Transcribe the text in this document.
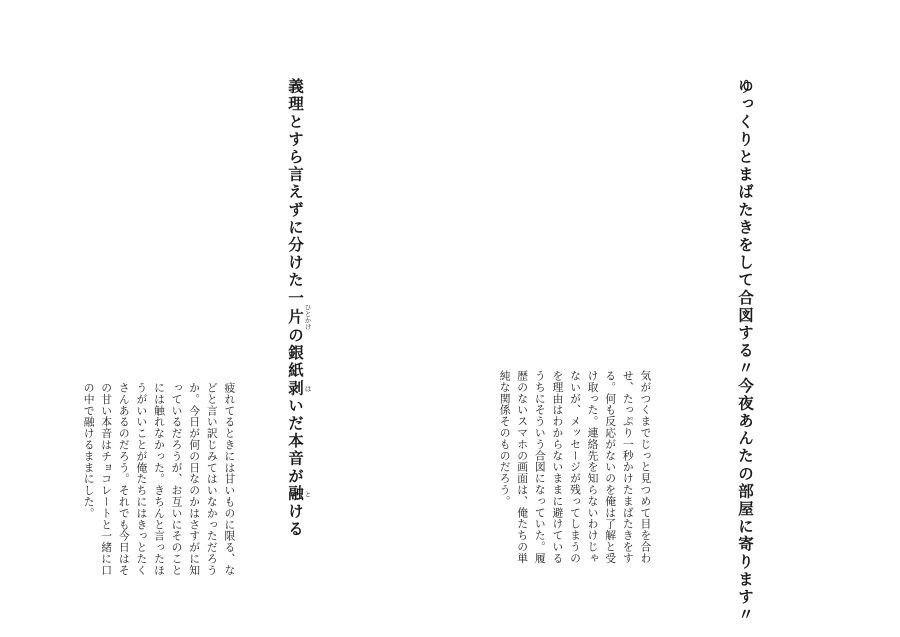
ゆっくりとまばたきをして合図する〃今夜あんたの部屋に寄ります〃

気がつくまでじっと見つめて目を合わ

せ、たっぷり一秒かけたまばたきをす

る。何も反応がないのを俺は了解と受

け取った。連絡先を知らないわけじゃ

ないが、メッセージが残ってしまうの

を理由はわからないままに避けている

うちにそういう合図になっていた。履

歴のないスマホの画面は、俺たちの単

純な関係そのものだろう。

義理とすら言えずに分けた一片ひとかけの銀紙剥はいだ本音が融とける

疲れてるときには甘いものに限る、な

どと言い訳じみてはいなかっただろう

か。今日が何の日なのかはさすがに知

っているだろうが、お互いにそのこと

には触れなかった。きちんと言ったほ

うがいいことが俺たちにはきっとたく

さんあるのだろう。それでも今日はそ

の甘い本音はチョコレートと一緒に口

の中で融けるままにした。
